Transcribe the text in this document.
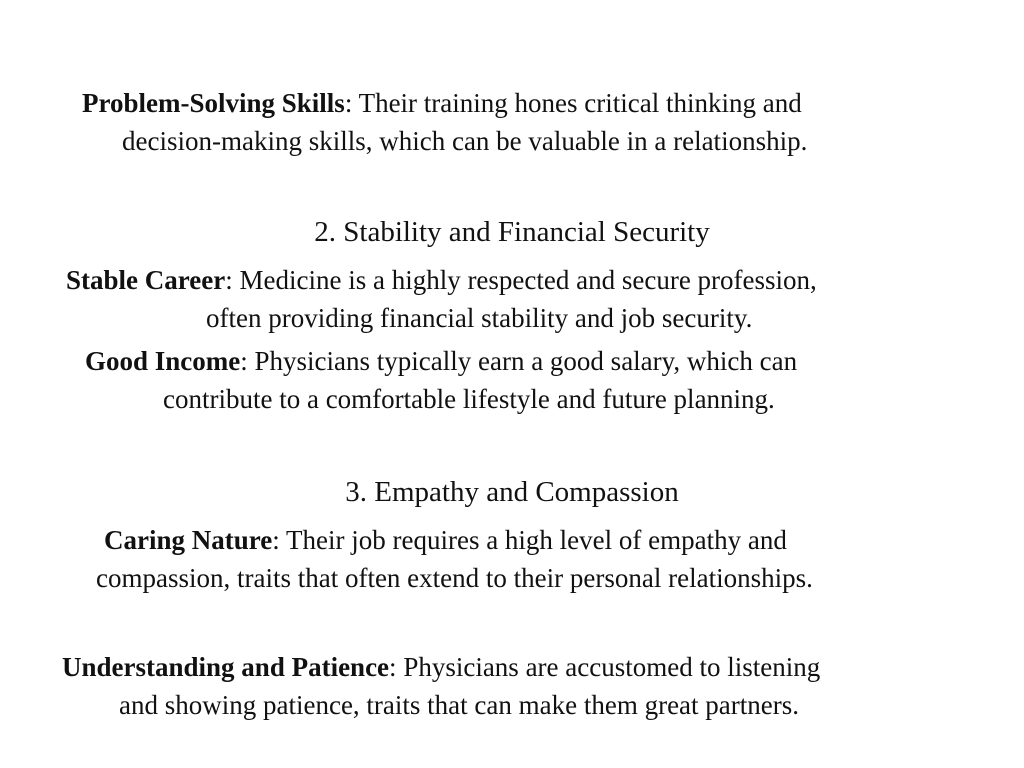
Problem-Solving Skills: Their training hones critical thinking and
decision-making skills, which can be valuable in a relationship.
2. Stability and Financial Security
Stable Career: Medicine is a highly respected and secure profession,
often providing financial stability and job security.
Good Income: Physicians typically earn a good salary, which can
contribute to a comfortable lifestyle and future planning.
3. Empathy and Compassion
Caring Nature: Their job requires a high level of empathy and
compassion, traits that often extend to their personal relationships.
Understanding and Patience: Physicians are accustomed to listening
and showing patience, traits that can make them great partners.
